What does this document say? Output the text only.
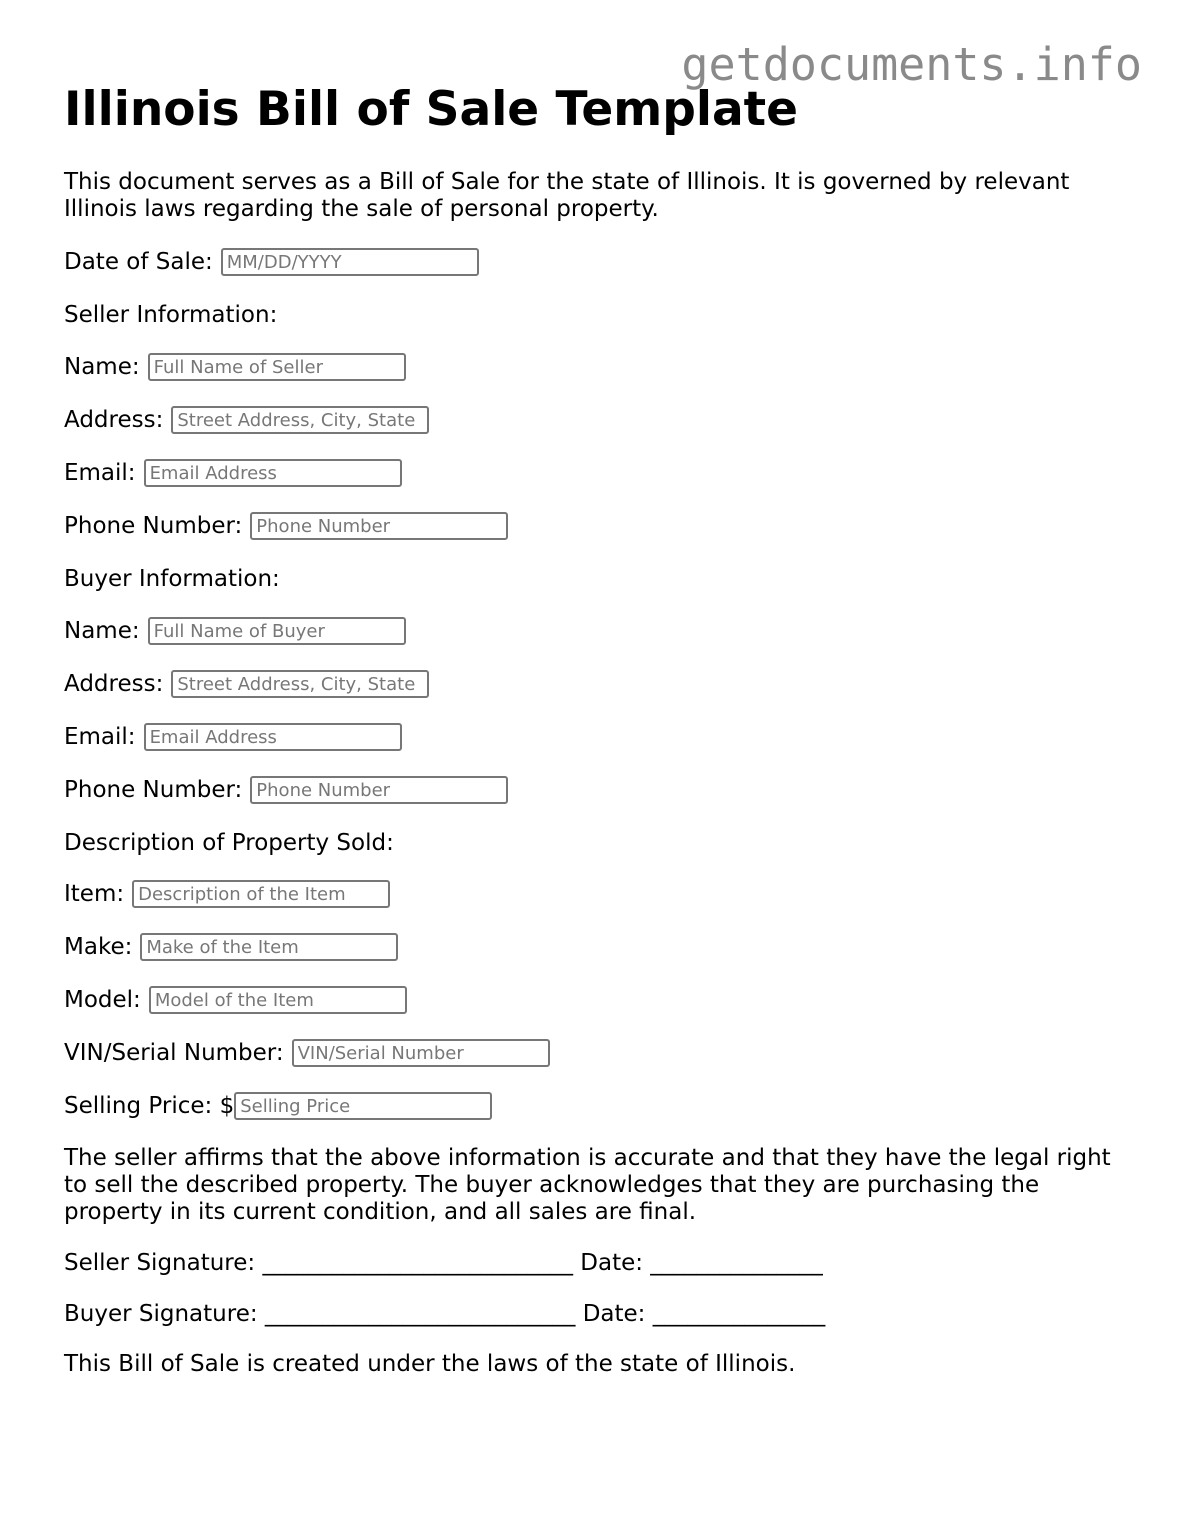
getdocuments.info
Illinois Bill of Sale Template
This document serves as a Bill of Sale for the state of Illinois. It is governed by relevant Illinois laws regarding the sale of personal property.
Date of Sale:
MM/DD/YYYY
Seller Information:
Name:
Full Name of Seller
Address:
Street Address, City, State
Email:
Email Address
Phone Number:
Phone Number
Buyer Information:
Name:
Full Name of Buyer
Address:
Street Address, City, State
Email:
Email Address
Phone Number:
Phone Number
Description of Property Sold:
Item:
Description of the Item
Make:
Make of the Item
Model:
Model of the Item
VIN/Serial Number:
VIN/Serial Number
Selling Price: $
Selling Price
The seller affirms that the above information is accurate and that they have the legal right to sell the described property. The buyer acknowledges that they are purchasing the property in its current condition, and all sales are final.
Seller Signature: ___________________________ Date: _______________
Buyer Signature: ___________________________ Date: _______________
This Bill of Sale is created under the laws of the state of Illinois.
